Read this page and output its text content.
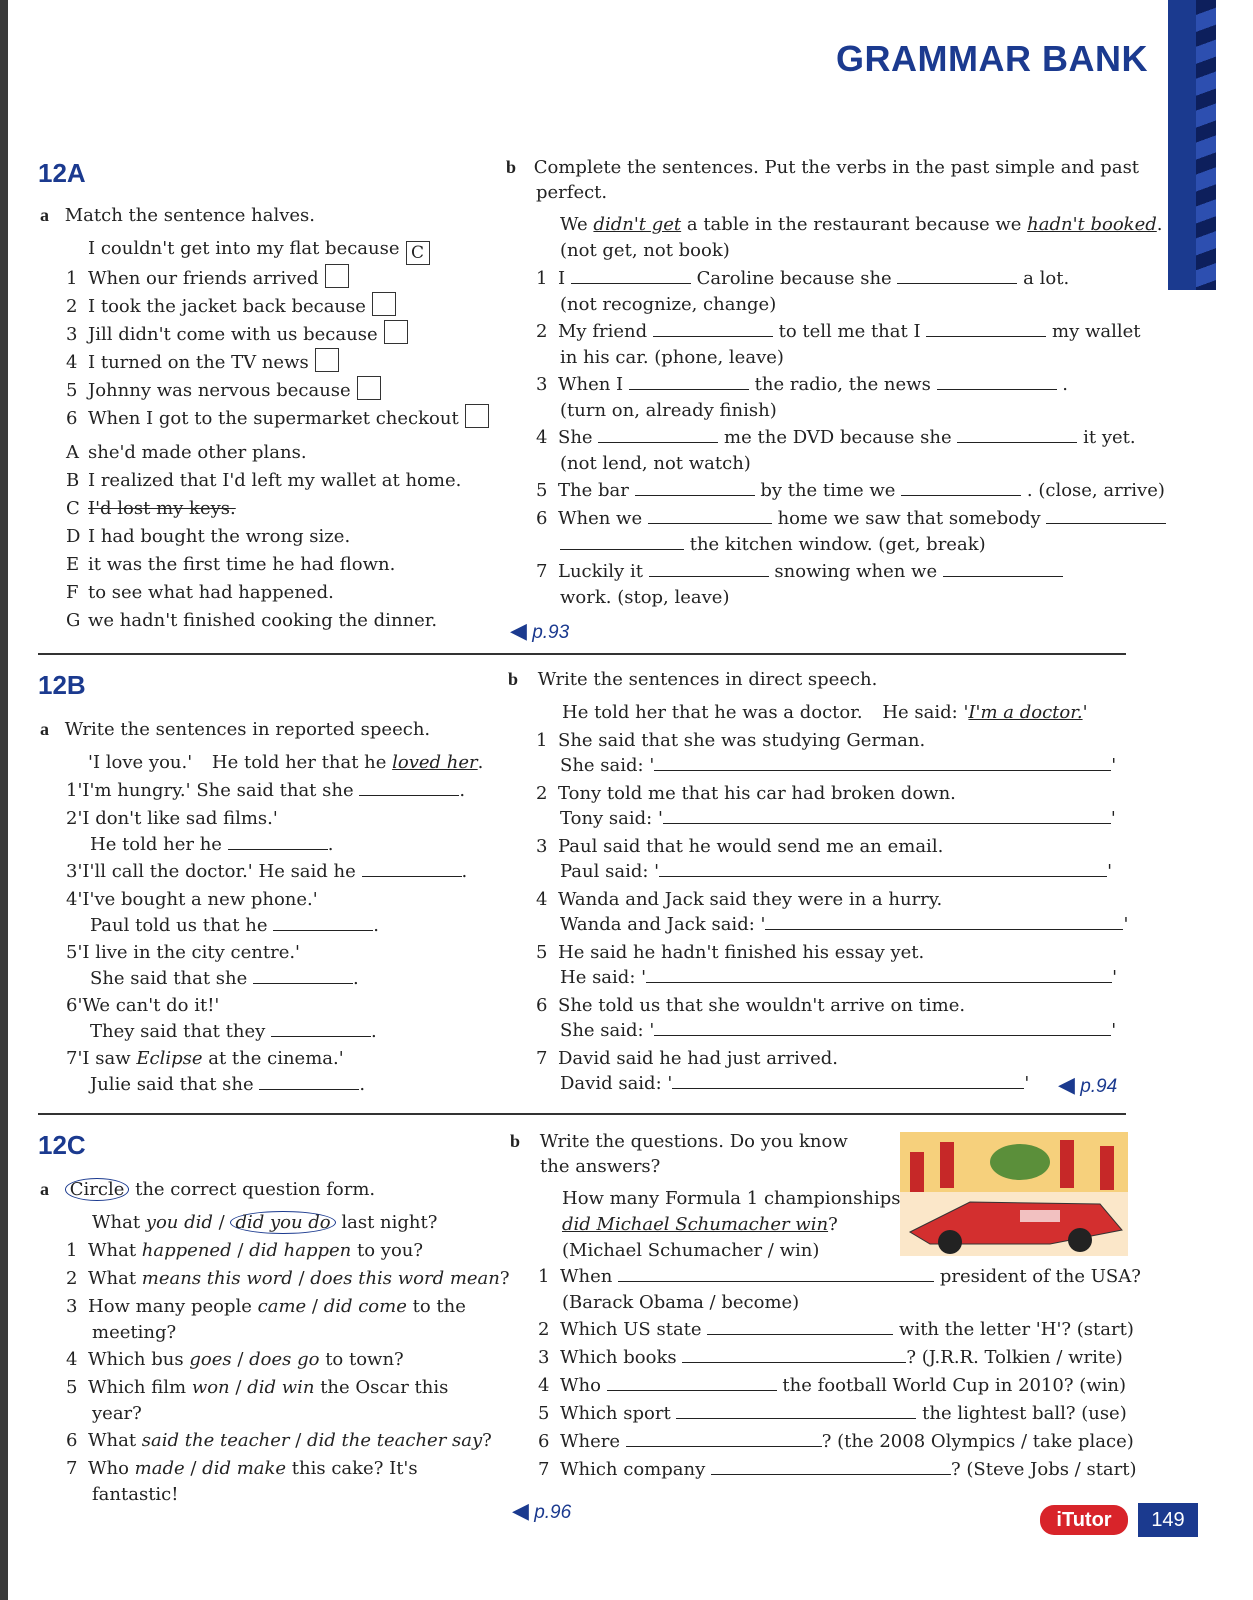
GRAMMAR BANK
12A
a Match the sentence halves.
I couldn't get into my flat because C
1 When our friends arrived
2 I took the jacket back because
3 Jill didn't come with us because
4 I turned on the TV news
5 Johnny was nervous because
6 When I got to the supermarket checkout
A she'd made other plans.
B I realized that I'd left my wallet at home.
C I'd lost my keys.
D I had bought the wrong size.
E it was the first time he had flown.
F to see what had happened.
G we hadn't finished cooking the dinner.
b Complete the sentences. Put the verbs in the past simple and past
perfect.
We didn't get a table in the restaurant because we hadn't booked.
(not get, not book)
1 I	Caroline because she	a lot.
(not recognize, change)
2 My friend	to tell me that I	my wallet
in his car. (phone, leave)
3 When I	the radio, the news	.
(turn on, already finish)
4 She	me the DVD because she	it yet.
(not lend, not watch)
5 The bar	by the time we	. (close, arrive)
6 When we	home we saw that somebody
the kitchen window. (get, break)
7 Luckily it	snowing when we
work. (stop, leave)
◀ p.93
12B
a Write the sentences in reported speech.
'I love you.' He told her that he loved her.
1'I'm hungry.' She said that she	.
2'I don't like sad films.'
He told her he	.
3'I'll call the doctor.' He said he	.
4'I've bought a new phone.'
Paul told us that he	.
5'I live in the city centre.'
She said that she	.
6'We can't do it!'
They said that they	.
7'I saw Eclipse at the cinema.'
Julie said that she	.
b Write the sentences in direct speech.
He told her that he was a doctor. He said: 'I'm a doctor.'
1 She said that she was studying German.
She said: '	'
2 Tony told me that his car had broken down.
Tony said: '	'
3 Paul said that he would send me an email.
Paul said: '	'
4 Wanda and Jack said they were in a hurry.
Wanda and Jack said: '	'
5 He said he hadn't finished his essay yet.
He said: '	'
6 She told us that she wouldn't arrive on time.
She said: '	'
7 David said he had just arrived.
David said: '	' ◀ p.94
12C
a Circle the correct question form.
What you did / did you do last night?
1 What happened / did happen to you?
2 What means this word / does this word mean?
3 How many people came / did come to the
meeting?
4 Which bus goes / does go to town?
5 Which film won / did win the Oscar this
year?
6 What said the teacher / did the teacher say?
7 Who made / did make this cake? It's
fantastic!
b Write the questions. Do you know
the answers?
How many Formula 1 championships
did Michael Schumacher win?
(Michael Schumacher / win)
1 When	president of the USA?
(Barack Obama / become)
2 Which US state	with the letter 'H'? (start)
3 Which books	? (J.R.R. Tolkien / write)
4 Who	the football World Cup in 2010? (win)
5 Which sport	the lightest ball? (use)
6 Where	? (the 2008 Olympics / take place)
7 Which company	? (Steve Jobs / start)
◀ p.96	iTutor	149
